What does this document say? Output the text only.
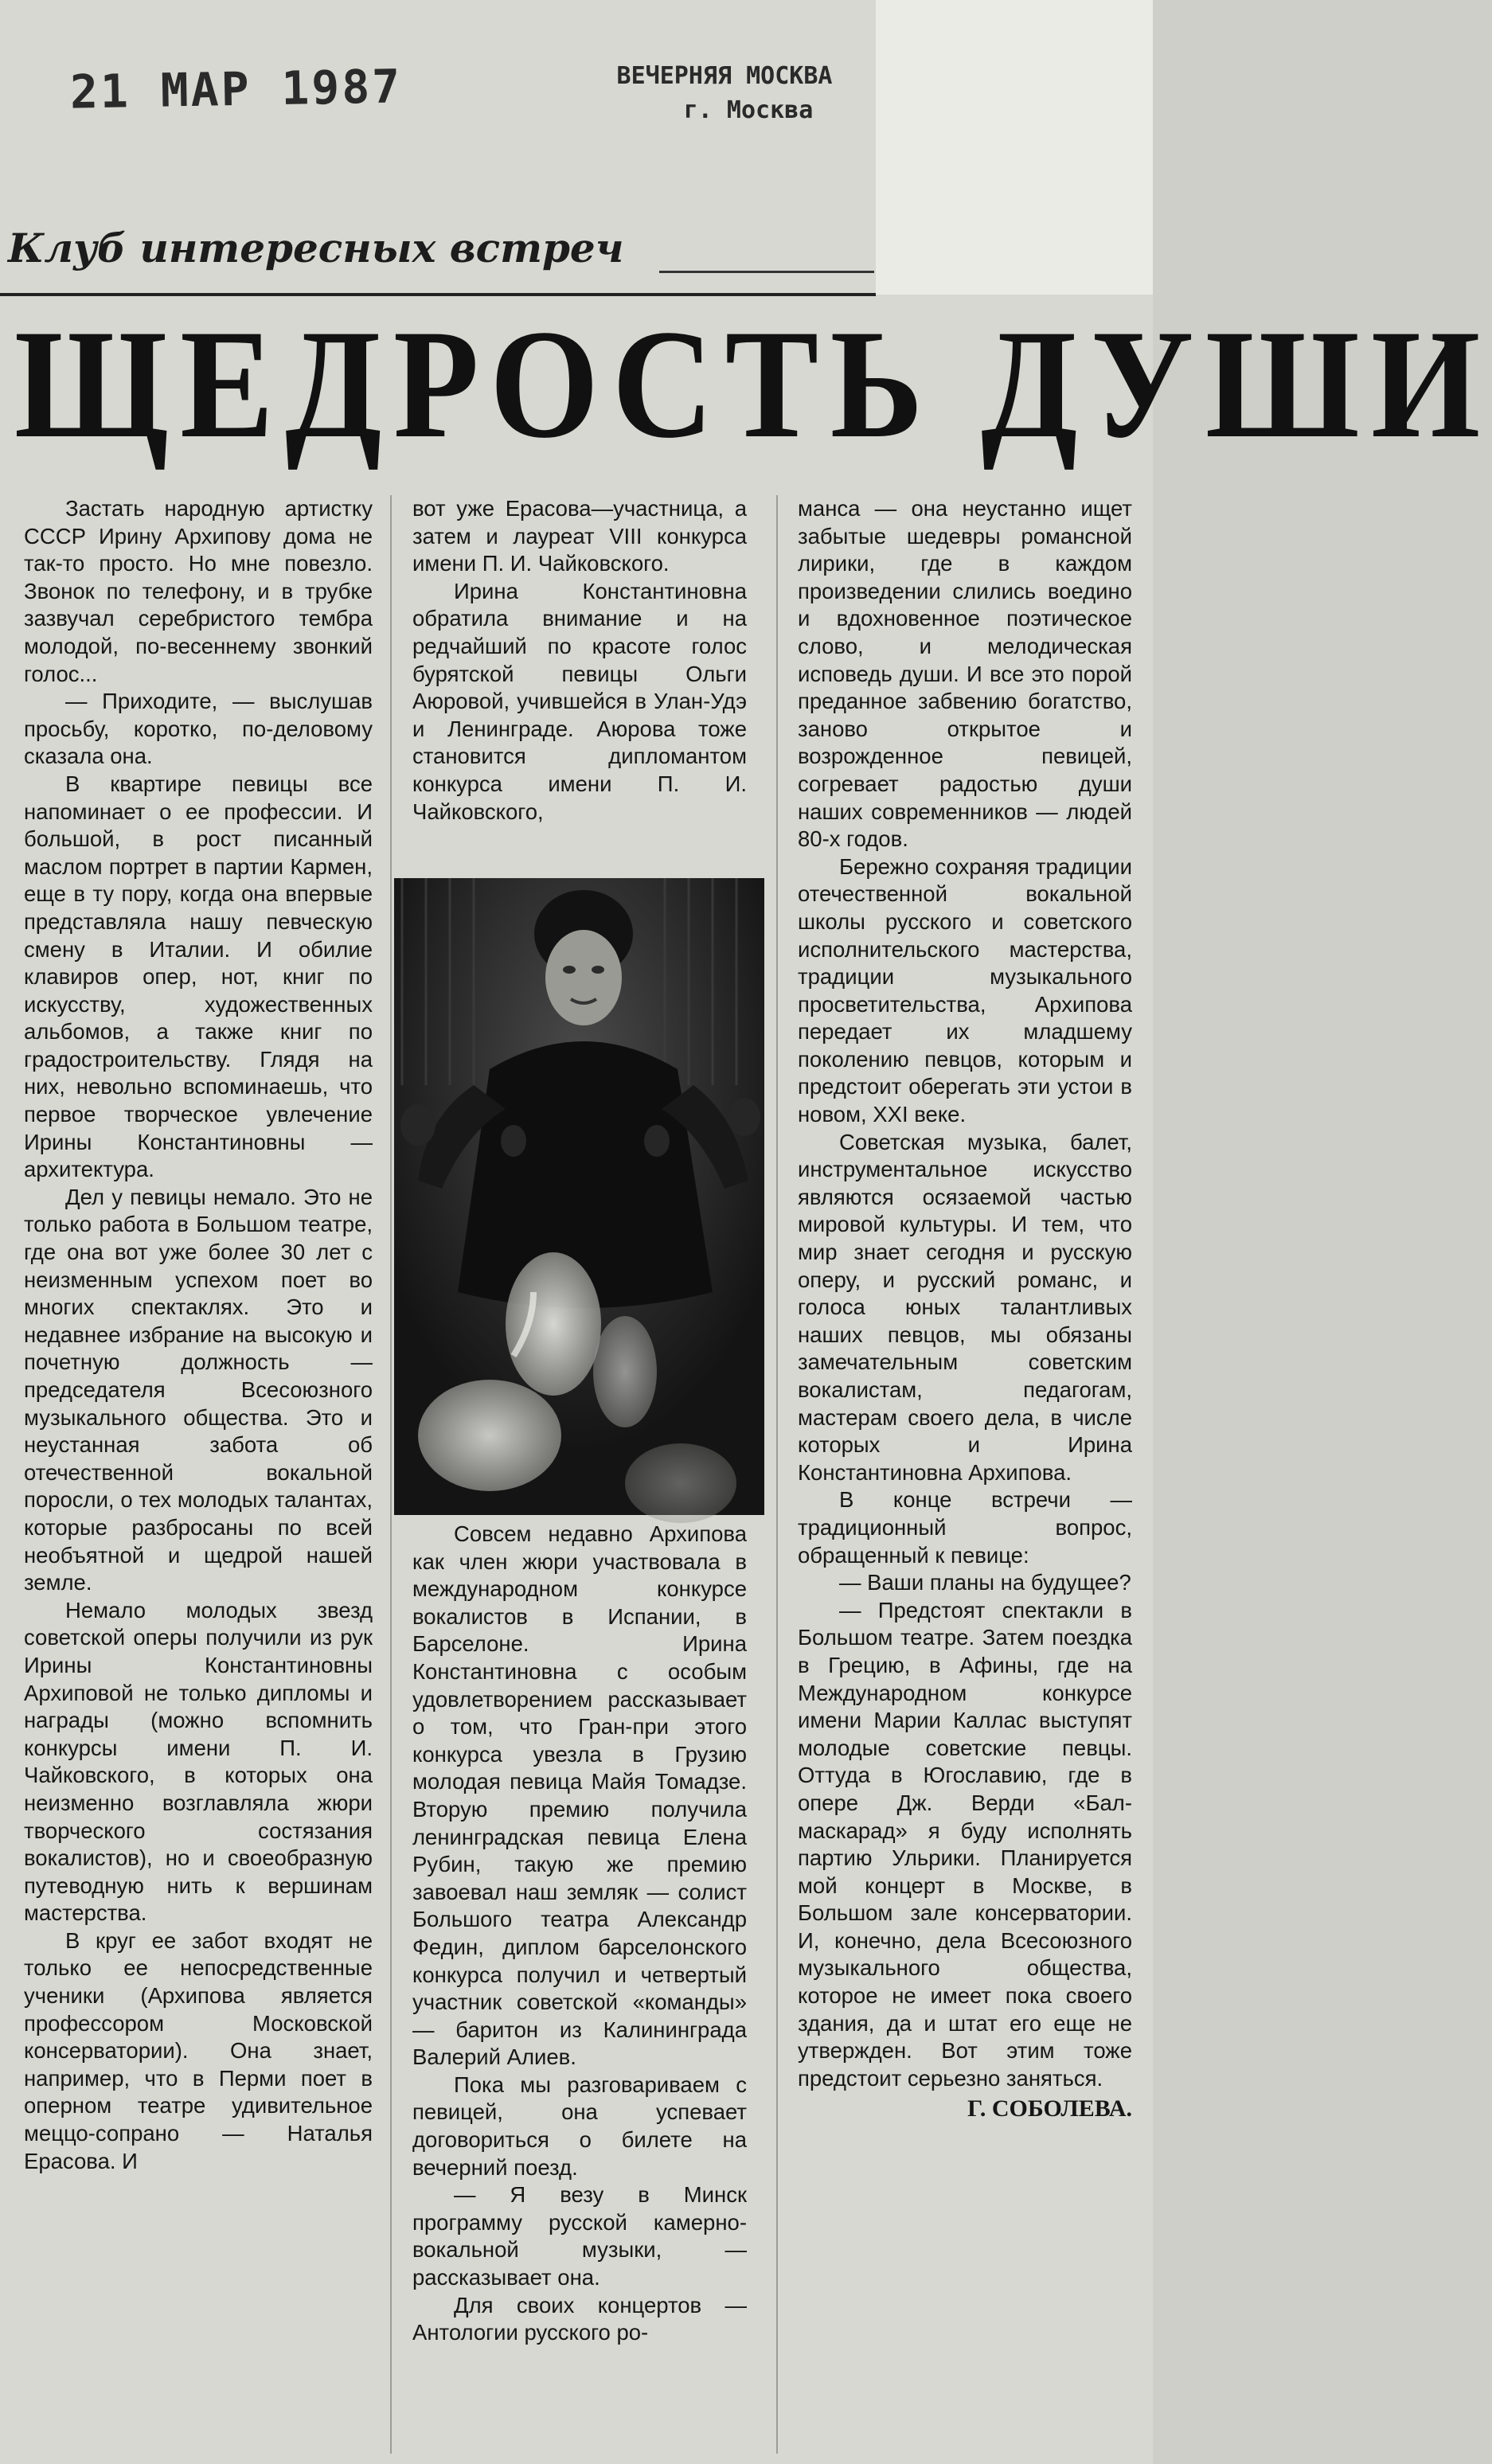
21 МАР 1987	ВЕЧЕРНЯЯ МОСКВА
г. Москва
Клуб интересных встреч
ЩЕДРОСТЬ ДУШИ

Застать народную артистку СССР Ирину Архипову дома не так-то просто. Но мне повезло. Звонок по телефону, и в трубке зазвучал серебристого тембра молодой, по-весеннему звонкий голос...

— Приходите, — выслушав просьбу, коротко, по-деловому сказала она.

В квартире певицы все напоминает о ее профессии. И большой, в рост писанный маслом портрет в партии Кармен, еще в ту пору, когда она впервые представляла нашу певческую смену в Италии. И обилие клавиров опер, нот, книг по искусству, художественных альбомов, а также книг по градостроительству. Глядя на них, невольно вспоминаешь, что первое творческое увлечение Ирины Константиновны — архитектура.

Дел у певицы немало. Это не только работа в Большом театре, где она вот уже более 30 лет с неизменным успехом поет во многих спектаклях. Это и недавнее избрание на высокую и почетную должность — председателя Всесоюзного музыкального общества. Это и неустанная забота об отечественной вокальной поросли, о тех молодых талантах, которые разбросаны по всей необъятной и щедрой нашей земле.

Немало молодых звезд советской оперы получили из рук Ирины Константиновны Архиповой не только дипломы и награды (можно вспомнить конкурсы имени П. И. Чайковского, в которых она неизменно возглавляла жюри творческого состязания вокалистов), но и своеобразную путеводную нить к вершинам мастерства.

В круг ее забот входят не только ее непосредственные ученики (Архипова является профессором Московской консерватории). Она знает, например, что в Перми поет в оперном театре удивительное меццо-сопрано — Наталья Ерасова. И

вот уже Ерасова—участница, а затем и лауреат VIII конкурса имени П. И. Чайковского.

Ирина Константиновна обратила внимание и на редчайший по красоте голос бурятской певицы Ольги Аюровой, учившейся в Улан-Удэ и Ленинграде. Аюрова тоже становится дипломантом конкурса имени П. И. Чайковского,

Совсем недавно Архипова как член жюри участвовала в международном конкурсе вокалистов в Испании, в Барселоне. Ирина Константиновна с особым удовлетворением рассказывает о том, что Гран-при этого конкурса увезла в Грузию молодая певица Майя Томадзе. Вторую премию получила ленинградская певица Елена Рубин, такую же премию завоевал наш земляк — солист Большого театра Александр Федин, диплом барселонского конкурса получил и четвертый участник советской «команды» — баритон из Калининграда Валерий Алиев.

Пока мы разговариваем с певицей, она успевает договориться о билете на вечерний поезд.

— Я везу в Минск программу русской камерно-вокальной музыки, — рассказывает она.

Для своих концертов — Антологии русского ро-

манса — она неустанно ищет забытые шедевры романсной лирики, где в каждом произведении слились воедино и вдохновенное поэтическое слово, и мелодическая исповедь души. И все это порой преданное забвению богатство, заново открытое и возрожденное певицей, согревает радостью души наших современников — людей 80-х годов.

Бережно сохраняя традиции отечественной вокальной школы русского и советского исполнительского мастерства, традиции музыкального просветительства, Архипова передает их младшему поколению певцов, которым и предстоит оберегать эти устои в новом, XXI веке.

Советская музыка, балет, инструментальное искусство являются осязаемой частью мировой культуры. И тем, что мир знает сегодня и русскую оперу, и русский романс, и голоса юных талантливых наших певцов, мы обязаны замечательным советским вокалистам, педагогам, мастерам своего дела, в числе которых и Ирина Константиновна Архипова.

В конце встречи — традиционный вопрос, обращенный к певице:

— Ваши планы на будущее?

— Предстоят спектакли в Большом театре. Затем поездка в Грецию, в Афины, где на Международном конкурсе имени Марии Каллас выступят молодые советские певцы. Оттуда в Югославию, где в опере Дж. Верди «Бал-маскарад» я буду исполнять партию Ульрики. Планируется мой концерт в Москве, в Большом зале консерватории. И, конечно, дела Всесоюзного музыкального общества, которое не имеет пока своего здания, да и штат его еще не утвержден. Вот этим тоже предстоит серьезно заняться.

Г. СОБОЛЕВА.
